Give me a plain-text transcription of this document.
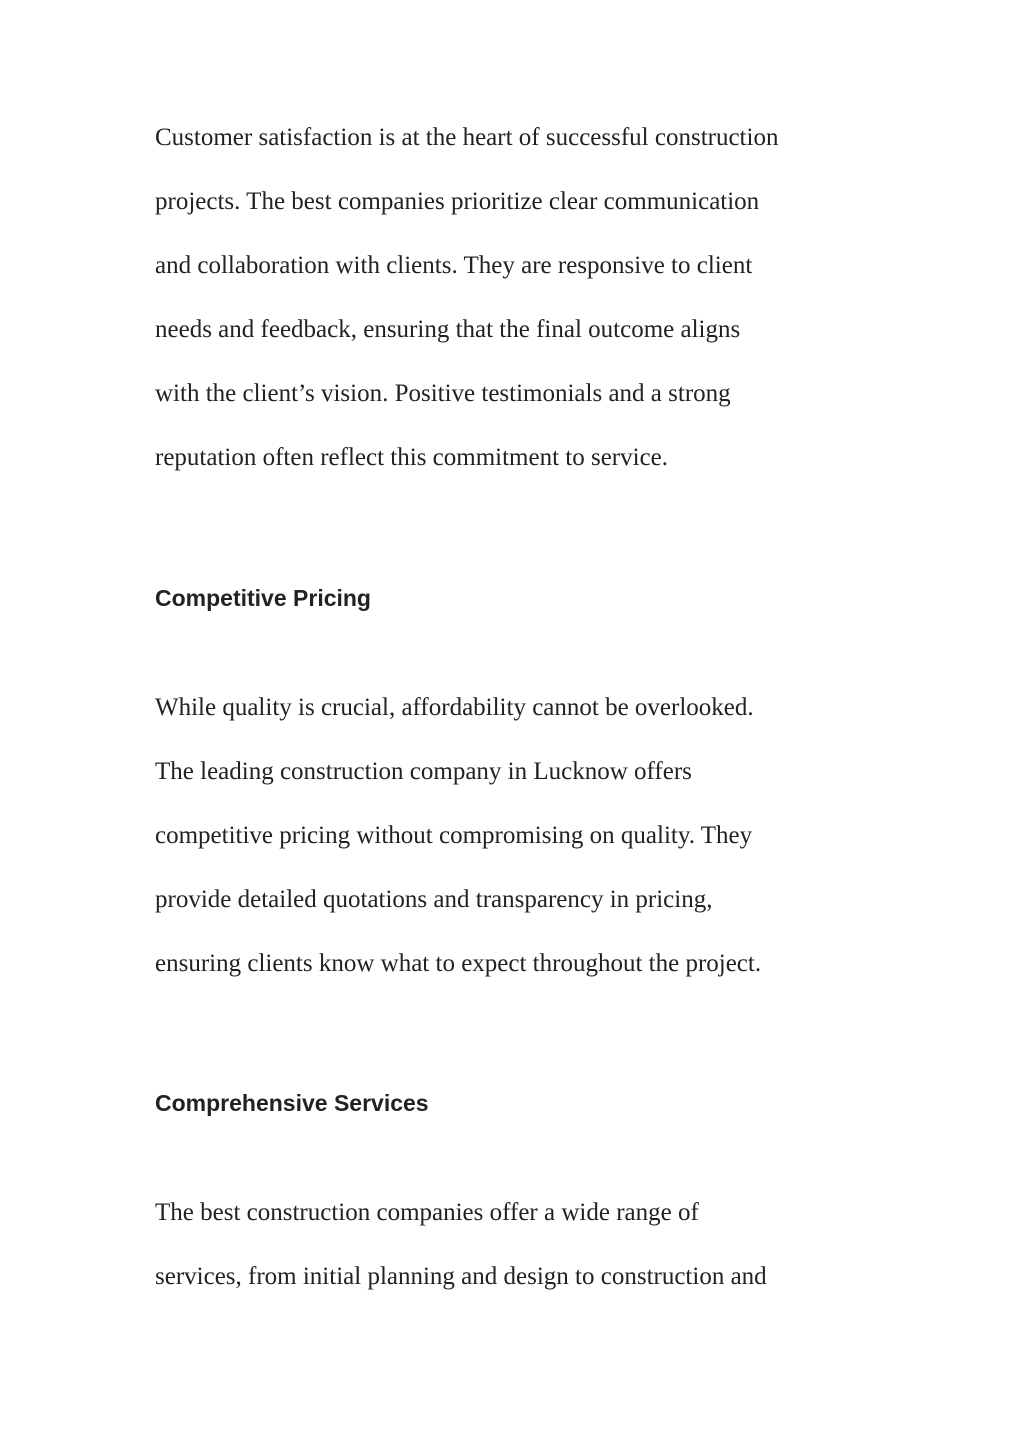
Customer satisfaction is at the heart of successful construction
projects. The best companies prioritize clear communication
and collaboration with clients. They are responsive to client
needs and feedback, ensuring that the final outcome aligns
with the client’s vision. Positive testimonials and a strong
reputation often reflect this commitment to service.
Competitive Pricing
While quality is crucial, affordability cannot be overlooked.
The leading construction company in Lucknow offers
competitive pricing without compromising on quality. They
provide detailed quotations and transparency in pricing,
ensuring clients know what to expect throughout the project.
Comprehensive Services
The best construction companies offer a wide range of
services, from initial planning and design to construction and
